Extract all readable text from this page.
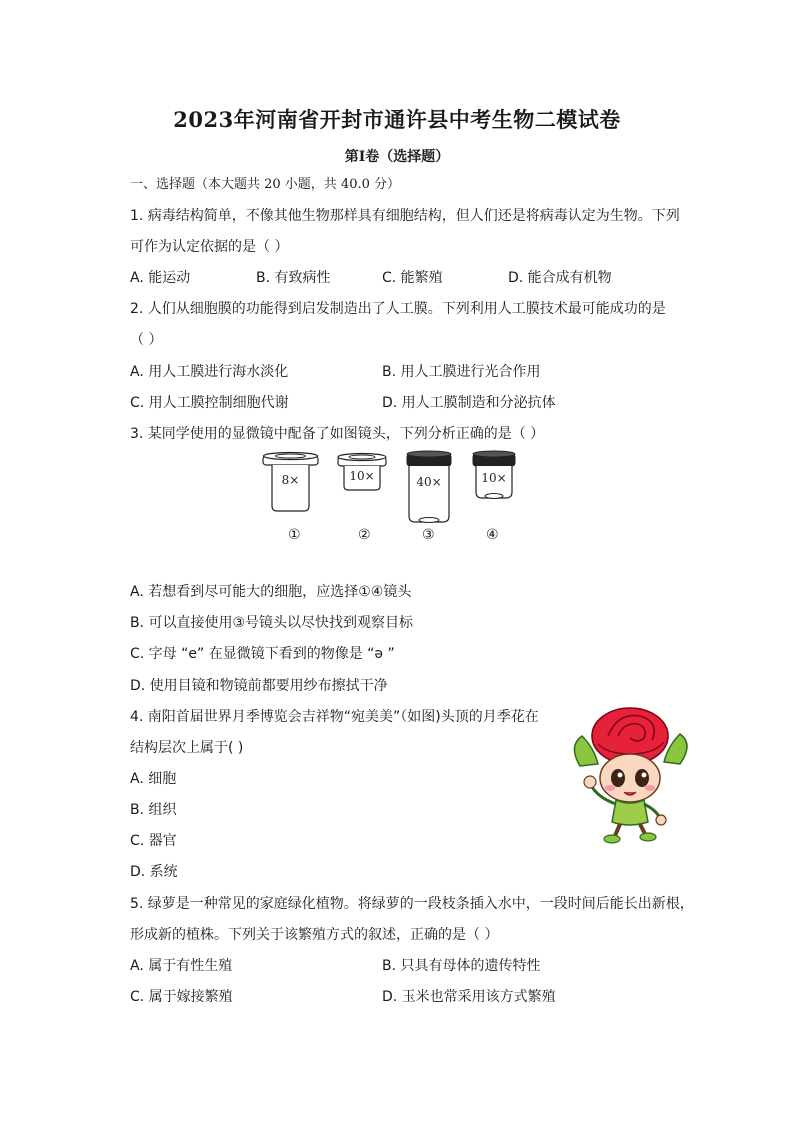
2023年河南省开封市通许县中考生物二模试卷
第Ⅰ卷（选择题）
一、选择题（本大题共 20 小题，共 40.0 分）
1. 病毒结构简单，不像其他生物那样具有细胞结构，但人们还是将病毒认定为生物。下列
可作为认定依据的是（ ）
A. 能运动	B. 有致病性	C. 能繁殖	D. 能合成有机物
2. 人们从细胞膜的功能得到启发制造出了人工膜。下列利用人工膜技术最可能成功的是
（ ）
A. 用人工膜进行海水淡化	B. 用人工膜进行光合作用
C. 用人工膜控制细胞代谢	D. 用人工膜制造和分泌抗体
3. 某同学使用的显微镜中配备了如图镜头，下列分析正确的是（ ）
8×	10×	40×	10×
①	②	③	④
A. 若想看到尽可能大的细胞，应选择①④镜头
B. 可以直接使用③号镜头以尽快找到观察目标
C. 字母 “e” 在显微镜下看到的物像是 “ə ”
D. 使用目镜和物镜前都要用纱布擦拭干净
4. 南阳首届世界月季博览会吉祥物“宛美美”（如图)头顶的月季花在
结构层次上属于( )
A. 细胞
B. 组织
C. 器官
D. 系统
5. 绿萝是一种常见的家庭绿化植物。将绿萝的一段枝条插入水中，一段时间后能长出新根，
形成新的植株。下列关于该繁殖方式的叙述，正确的是（ ）
A. 属于有性生殖	B. 只具有母体的遗传特性
C. 属于嫁接繁殖	D. 玉米也常采用该方式繁殖
